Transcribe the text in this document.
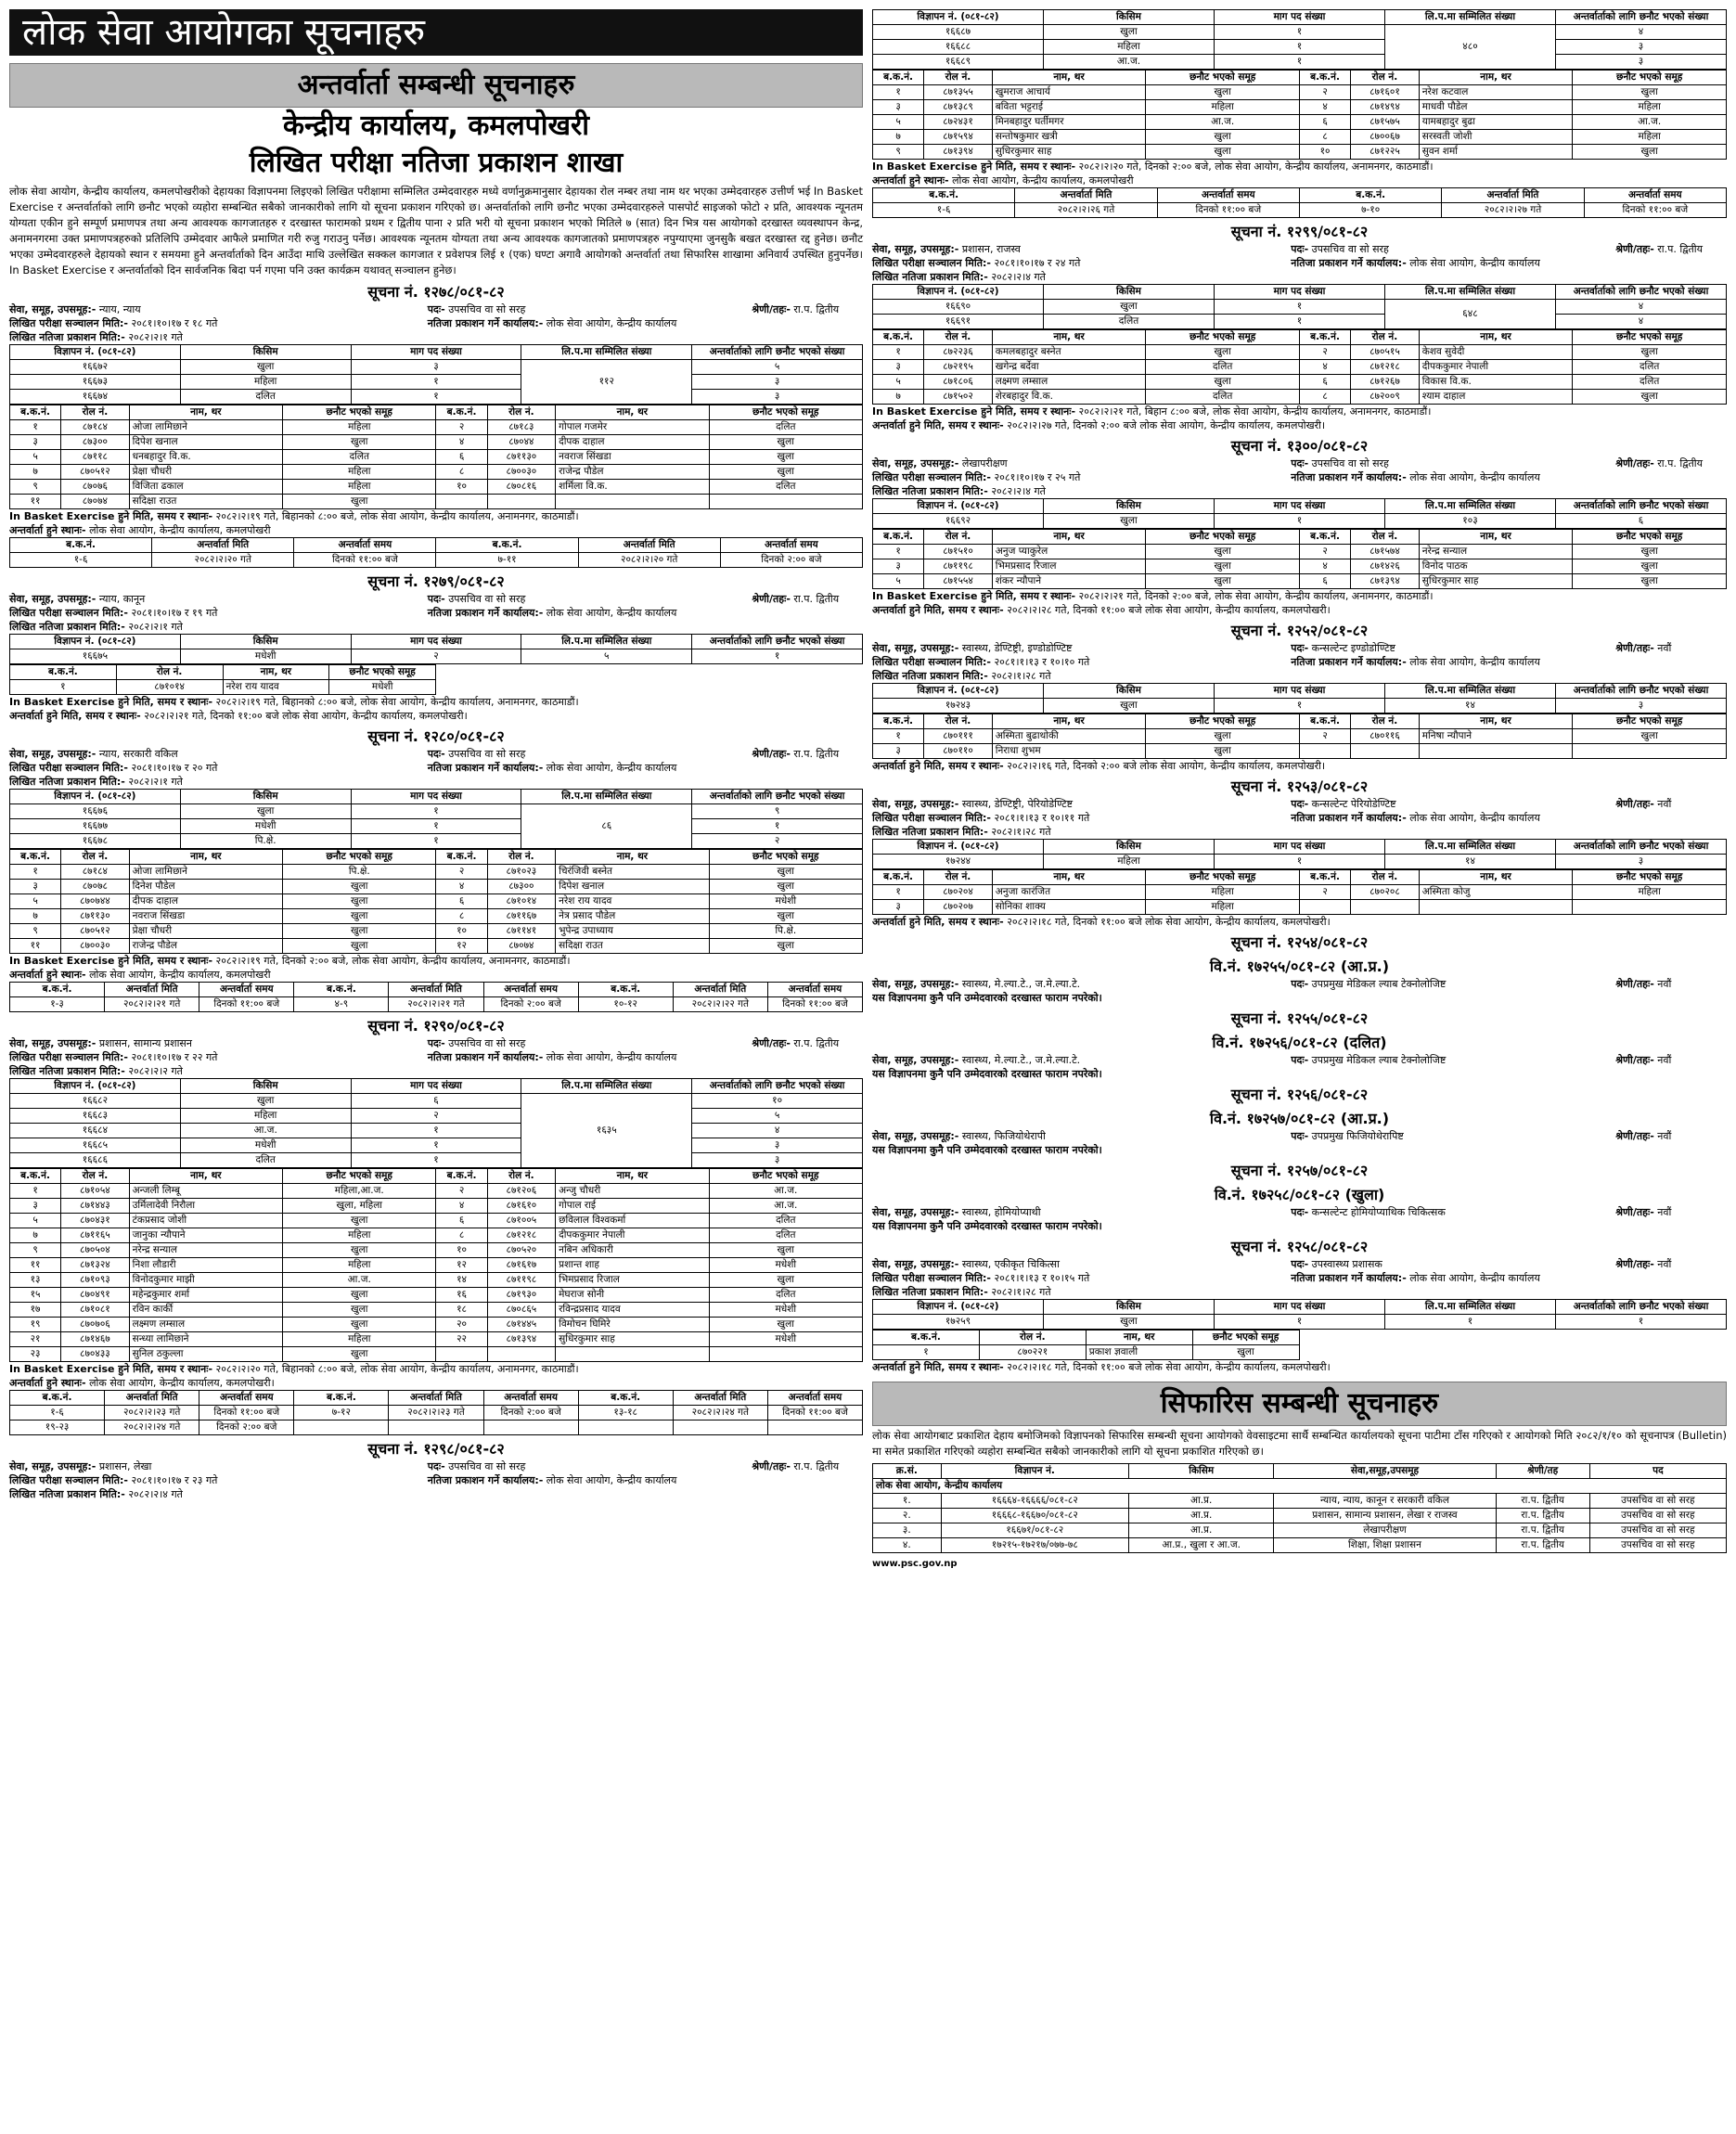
लोक सेवा आयोगका सूचनाहरु
अन्तर्वार्ता सम्बन्धी सूचनाहरु
केन्द्रीय कार्यालय, कमलपोखरी
लिखित परीक्षा नतिजा प्रकाशन शाखा
लोक सेवा आयोग, केन्द्रीय कार्यालय, कमलपोखरीको देहायका विज्ञापनमा लिइएको लिखित परीक्षामा सम्मिलित उम्मेदवारहरु मध्ये वर्णानुक्रमानुसार देहायका रोल नम्बर तथा नाम थर भएका उम्मेदवारहरु उत्तीर्ण भई In Basket Exercise र अन्तर्वार्ताको लागि छनौट भएको व्यहोरा सम्बन्धित सबैको जानकारीको लागि यो सूचना प्रकाशन गरिएको छ। अन्तर्वार्ताको लागि छनौट भएका उम्मेदवारहरुले पासपोर्ट साइजको फोटो २ प्रति, आवश्यक न्यूनतम योग्यता एकीन हुने सम्पूर्ण प्रमाणपत्र तथा अन्य आवश्यक कागजातहरु र दरखास्त फारामको प्रथम र द्वितीय पाना २ प्रति भरी यो सूचना प्रकाशन भएको मितिले ७ (सात) दिन भित्र यस आयोगको दरखास्त व्यवस्थापन केन्द्र, अनामनगरमा उक्त प्रमाणपत्रहरुको प्रतिलिपि उम्मेदवार आफैले प्रमाणित गरी रुजु गराउनु पर्नेछ। आवश्यक न्यूनतम योग्यता तथा अन्य आवश्यक कागजातको प्रमाणपत्रहरु नपुग्याएमा जुनसुकै बखत दरखास्त रद्द हुनेछ। छनौट भएका उम्मेदवारहरुले देहायको स्थान र समयमा हुने अन्तर्वार्ताको दिन आउँदा माथि उल्लेखित सक्कल कागजात र प्रवेशपत्र लिई १ (एक) घण्टा अगावै आयोगको अन्तर्वार्ता तथा सिफारिस शाखामा अनिवार्य उपस्थित हुनुपर्नेछ। In Basket Exercise र अन्तर्वार्ताको दिन सार्वजनिक बिदा पर्न गएमा पनि उक्त कार्यक्रम यथावत् सञ्चालन हुनेछ।
सूचना नं. १२७८/०८१-८२
सेवा, समूह, उपसमूह:- न्याय, न्याय	पदः- उपसचिव वा सो सरह	श्रेणी/तहः- रा.प. द्वितीय
लिखित परीक्षा सञ्चालन मिति:- २०८१।१०।१७ र १८ गते	नतिजा प्रकाशन गर्ने कार्यालय:- लोक सेवा आयोग, केन्द्रीय कार्यालय
लिखित नतिजा प्रकाशन मिति:- २०८२।२।१ गते
विज्ञापन नं. (०८१-८२)	किसिम	माग पद संख्या	लि.प.मा सम्मिलित संख्या	अन्तर्वार्ताको लागि छनौट भएको संख्या
१६६७२	खुला	३	११२	५
१६६७३	महिला	१		३
१६६७४	दलित	१		३
ब.क.नं.	रोल नं.	नाम, थर	छनौट भएको समूह	ब.क.नं.	रोल नं.	नाम, थर	छनौट भएको समूह
१	८७१८४	ओजा लामिछाने	महिला	२	८७१८३	गोपाल गजमेर	दलित
३	८७३००	दिपेश खनाल	खुला	४	८७०४४	दीपक दाहाल	खुला
५	८७११८	धनबहादुर वि.क.	दलित	६	८७११३०	नवराज सिंखडा	खुला
७	८७०५१२	प्रेक्षा चौधरी	महिला	८	८७००३०	राजेन्द्र पौडेल	खुला
९	८७०७६	विजिता ढकाल	महिला	१०	८७०८१६	शर्मिला वि.क.	दलित
११	८७०७४	सदिक्षा राउत	खुला				
In Basket Exercise हुने मिति, समय र स्थानः- २०८२।२।१९ गते, बिहानको ८:०० बजे, लोक सेवा आयोग, केन्द्रीय कार्यालय, अनामनगर, काठमाडौं।
अन्तर्वार्ता हुने स्थानः- लोक सेवा आयोग, केन्द्रीय कार्यालय, कमलपोखरी
ब.क.नं.	अन्तर्वार्ता मिति	अन्तर्वार्ता समय	ब.क.नं.	अन्तर्वार्ता मिति	अन्तर्वार्ता समय
१-६	२०८२।२।२० गते	दिनको ११:०० बजे	७-११	२०८२।२।२० गते	दिनको २:०० बजे
सूचना नं. १२७९/०८१-८२
सेवा, समूह, उपसमूह:- न्याय, कानून	पदः- उपसचिव वा सो सरह	श्रेणी/तहः- रा.प. द्वितीय
लिखित परीक्षा सञ्चालन मिति:- २०८१।१०।१७ र १९ गते	नतिजा प्रकाशन गर्ने कार्यालय:- लोक सेवा आयोग, केन्द्रीय कार्यालय
लिखित नतिजा प्रकाशन मिति:- २०८२।२।१ गते
विज्ञापन नं. (०८१-८२)	किसिम	माग पद संख्या	लि.प.मा सम्मिलित संख्या	अन्तर्वार्ताको लागि छनौट भएको संख्या
१६६७५	मधेशी	२	५	१
ब.क.नं.	रोल नं.	नाम, थर	छनौट भएको समूह
१	८७१०१४	नरेश राय यादव	मधेशी
In Basket Exercise हुने मिति, समय र स्थानः- २०८२।२।१९ गते, बिहानको ८:०० बजे, लोक सेवा आयोग, केन्द्रीय कार्यालय, अनामनगर, काठमाडौं।
अन्तर्वार्ता हुने मिति, समय र स्थानः- २०८२।२।२१ गते, दिनको ११:०० बजे लोक सेवा आयोग, केन्द्रीय कार्यालय, कमलपोखरी।
सूचना नं. १२८०/०८१-८२
सेवा, समूह, उपसमूह:- न्याय, सरकारी वकिल	पदः- उपसचिव वा सो सरह	श्रेणी/तहः- रा.प. द्वितीय
लिखित परीक्षा सञ्चालन मिति:- २०८१।१०।१७ र २० गते	नतिजा प्रकाशन गर्ने कार्यालय:- लोक सेवा आयोग, केन्द्रीय कार्यालय
लिखित नतिजा प्रकाशन मिति:- २०८२।२।१ गते
विज्ञापन नं. (०८१-८२)	किसिम	माग पद संख्या	लि.प.मा सम्मिलित संख्या	अन्तर्वार्ताको लागि छनौट भएको संख्या
१६६७६	खुला	१	८६	९
१६६७७	मधेशी	१		१
१६६७८	पि.क्षे.	१		२
ब.क.नं.	रोल नं.	नाम, थर	छनौट भएको समूह	ब.क.नं.	रोल नं.	नाम, थर	छनौट भएको समूह
१	८७१८४	ओजा लामिछाने	पि.क्षे.	२	८७१०२३	चिरंजिवी बस्नेत	खुला
३	८७०७८	दिनेश पौडेल	खुला	४	८७३००	दिपेश खनाल	खुला
५	८७०७४४	दीपक दाहाल	खुला	६	८७१०१४	नरेश राय यादव	मधेशी
७	८७११३०	नवराज सिंखडा	खुला	८	८७११६७	नेत्र प्रसाद पौडेल	खुला
९	८७०५१२	प्रेक्षा चौधरी	खुला	१०	८७११४१	भुपेन्द्र उपाध्याय	पि.क्षे.
११	८७००३०	राजेन्द्र पौडेल	खुला	१२	८७०७४	सदिक्षा राउत	खुला
In Basket Exercise हुने मिति, समय र स्थानः- २०८२।२।१९ गते, दिनको २:०० बजे, लोक सेवा आयोग, केन्द्रीय कार्यालय, अनामनगर, काठमाडौं।
अन्तर्वार्ता हुने स्थानः- लोक सेवा आयोग, केन्द्रीय कार्यालय, कमलपोखरी
ब.क.नं.	अन्तर्वार्ता मिति	अन्तर्वार्ता समय	ब.क.नं.	अन्तर्वार्ता मिति	अन्तर्वार्ता समय	ब.क.नं.	अन्तर्वार्ता मिति	अन्तर्वार्ता समय
१-३	२०८२।२।२१ गते	दिनको ११:०० बजे	४-९	२०८२।२।२१ गते	दिनको २:०० बजे	१०-१२	२०८२।२।२२ गते	दिनको ११:०० बजे
सूचना नं. १२९०/०८१-८२
सेवा, समूह, उपसमूह:- प्रशासन, सामान्य प्रशासन	पदः- उपसचिव वा सो सरह	श्रेणी/तहः- रा.प. द्वितीय
लिखित परीक्षा सञ्चालन मिति:- २०८१।१०।१७ र २२ गते	नतिजा प्रकाशन गर्ने कार्यालय:- लोक सेवा आयोग, केन्द्रीय कार्यालय
लिखित नतिजा प्रकाशन मिति:- २०८२।२।२ गते
विज्ञापन नं. (०८१-८२)	किसिम	माग पद संख्या	लि.प.मा सम्मिलित संख्या	अन्तर्वार्ताको लागि छनौट भएको संख्या
१६६८२	खुला	६	१६३५	१०
१६६८३	महिला	२		५
१६६८४	आ.ज.	१		४
१६६८५	मधेशी	१		३
१६६८६	दलित	१		३
ब.क.नं.	रोल नं.	नाम, थर	छनौट भएको समूह	ब.क.नं.	रोल नं.	नाम, थर	छनौट भएको समूह
१	८७१०५४	अन्जली लिम्बू	महिला,आ.ज.	२	८७१२०६	अन्जु चौधरी	आ.ज.
३	८७१४४३	उर्मिलादेवी निरौला	खुला, महिला	४	८७१६१०	गोपाल राई	आ.ज.
५	८७०४३१	टंकप्रसाद जोशी	खुला	६	८७१००५	छविलाल विश्वकर्मा	दलित
७	८७११६५	जानुका न्यौपाने	महिला	८	८७१२१८	दीपककुमार नेपाली	दलित
९	८७०५०४	नरेन्द्र सन्याल	खुला	१०	८७०५२०	नबिन अधिकारी	खुला
११	८७१३२४	निशा लौडारी	महिला	१२	८७१६१७	प्रशान्त शाह	मधेशी
१३	८७१०९३	विनोदकुमार माझी	आ.ज.	१४	८७११९८	भिमप्रसाद रिजाल	खुला
१५	८७०४९१	महेन्द्रकुमार शर्मा	खुला	१६	८७१९३०	मेघराज सोनी	दलित
१७	८७१०८१	रविन कार्की	खुला	१८	८७०८६५	रविन्द्रप्रसाद यादव	मधेशी
१९	८७०७०६	लक्ष्मण लम्साल	खुला	२०	८७१४४५	विमोचन घिमिरे	खुला
२१	८७१४६७	सन्ध्या लामिछाने	महिला	२२	८७१३९४	सुधिरकुमार साह	मधेशी
२३	८७०४३३	सुनिल ठकुल्ला	खुला				
In Basket Exercise हुने मिति, समय र स्थानः- २०८२।२।२० गते, बिहानको ८:०० बजे, लोक सेवा आयोग, केन्द्रीय कार्यालय, अनामनगर, काठमाडौं।
अन्तर्वार्ता हुने स्थानः- लोक सेवा आयोग, केन्द्रीय कार्यालय, कमलपोखरी।
ब.क.नं.	अन्तर्वार्ता मिति	अन्तर्वार्ता समय	ब.क.नं.	अन्तर्वार्ता मिति	अन्तर्वार्ता समय	ब.क.नं.	अन्तर्वार्ता मिति	अन्तर्वार्ता समय
१-६	२०८२।२।२३ गते	दिनको ११:०० बजे	७-१२	२०८२।२।२३ गते	दिनको २:०० बजे	१३-१८	२०८२।२।२४ गते	दिनको ११:०० बजे
१९-२३	२०८२।२।२४ गते	दिनको २:०० बजे						
सूचना नं. १२९८/०८१-८२
सेवा, समूह, उपसमूह:- प्रशासन, लेखा	पदः- उपसचिव वा सो सरह	श्रेणी/तहः- रा.प. द्वितीय
लिखित परीक्षा सञ्चालन मिति:- २०८१।१०।१७ र २३ गते	नतिजा प्रकाशन गर्ने कार्यालय:- लोक सेवा आयोग, केन्द्रीय कार्यालय
लिखित नतिजा प्रकाशन मिति:- २०८२।२।४ गते
विज्ञापन नं. (०८१-८२)	किसिम	माग पद संख्या	लि.प.मा सम्मिलित संख्या	अन्तर्वार्ताको लागि छनौट भएको संख्या
१६६८७	खुला	१	४८०	४
१६६८८	महिला	१		३
१६६८९	आ.ज.	१		३
ब.क.नं.	रोल नं.	नाम, थर	छनौट भएको समूह	ब.क.नं.	रोल नं.	नाम, थर	छनौट भएको समूह
१	८७१३५५	खुमराज आचार्य	खुला	२	८७१६०१	नरेश कटवाल	खुला
३	८७१३८९	बविता भट्टराई	महिला	४	८७१४९४	माधवी पौडेल	महिला
५	८७२४३१	मिनबहादुर घर्तीमगर	आ.ज.	६	८७१५७५	यामबहादुर बुढा	आ.ज.
७	८७१५९४	सन्तोषकुमार खत्री	खुला	८	८७००६७	सरस्वती जोशी	महिला
९	८७१३९४	सुधिरकुमार साह	खुला	१०	८७१२२५	सुवन शर्मा	खुला
In Basket Exercise हुने मिति, समय र स्थानः- २०८२।२।२० गते, दिनको २:०० बजे, लोक सेवा आयोग, केन्द्रीय कार्यालय, अनामनगर, काठमाडौं।
अन्तर्वार्ता हुने स्थानः- लोक सेवा आयोग, केन्द्रीय कार्यालय, कमलपोखरी
ब.क.नं.	अन्तर्वार्ता मिति	अन्तर्वार्ता समय	ब.क.नं.	अन्तर्वार्ता मिति	अन्तर्वार्ता समय
१-६	२०८२।२।२६ गते	दिनको ११:०० बजे	७-१०	२०८२।२।२७ गते	दिनको ११:०० बजे
सूचना नं. १२९९/०८१-८२
सेवा, समूह, उपसमूह:- प्रशासन, राजस्व	पदः- उपसचिव वा सो सरह	श्रेणी/तहः- रा.प. द्वितीय
लिखित परीक्षा सञ्चालन मिति:- २०८१।१०।१७ र २४ गते	नतिजा प्रकाशन गर्ने कार्यालय:- लोक सेवा आयोग, केन्द्रीय कार्यालय
लिखित नतिजा प्रकाशन मिति:- २०८२।२।४ गते
विज्ञापन नं. (०८१-८२)	किसिम	माग पद संख्या	लि.प.मा सम्मिलित संख्या	अन्तर्वार्ताको लागि छनौट भएको संख्या
१६६९०	खुला	१	६४८	४
१६६९१	दलित	१		४
ब.क.नं.	रोल नं.	नाम, थर	छनौट भएको समूह	ब.क.नं.	रोल नं.	नाम, थर	छनौट भएको समूह
१	८७२२३६	कमलबहादुर बस्नेत	खुला	२	८७०५१५	केशव सुवेदी	खुला
३	८७२१९५	खगेन्द्र बर्देवा	दलित	४	८७१२१८	दीपककुमार नेपाली	दलित
५	८७१८०६	लक्ष्मण लम्साल	खुला	६	८७१२६७	विकास वि.क.	दलित
७	८७१५०२	शेरबहादुर वि.क.	दलित	८	८७२००९	श्याम दाहाल	खुला
In Basket Exercise हुने मिति, समय र स्थानः- २०८२।२।२१ गते, बिहान ८:०० बजे, लोक सेवा आयोग, केन्द्रीय कार्यालय, अनामनगर, काठमाडौं।
अन्तर्वार्ता हुने मिति, समय र स्थानः- २०८२।२।२७ गते, दिनको २:०० बजे लोक सेवा आयोग, केन्द्रीय कार्यालय, कमलपोखरी।
सूचना नं. १३००/०८१-८२
सेवा, समूह, उपसमूह:- लेखापरीक्षण	पदः- उपसचिव वा सो सरह	श्रेणी/तहः- रा.प. द्वितीय
लिखित परीक्षा सञ्चालन मिति:- २०८१।१०।१७ र २५ गते	नतिजा प्रकाशन गर्ने कार्यालय:- लोक सेवा आयोग, केन्द्रीय कार्यालय
लिखित नतिजा प्रकाशन मिति:- २०८२।२।४ गते
विज्ञापन नं. (०८१-८२)	किसिम	माग पद संख्या	लि.प.मा सम्मिलित संख्या	अन्तर्वार्ताको लागि छनौट भएको संख्या
१६६९२	खुला	१	१०३	६
ब.क.नं.	रोल नं.	नाम, थर	छनौट भएको समूह	ब.क.नं.	रोल नं.	नाम, थर	छनौट भएको समूह
१	८७१५१०	अनुज प्याकुरेल	खुला	२	८७१५७४	नरेन्द्र सन्याल	खुला
३	८७११९८	भिमप्रसाद रिजाल	खुला	४	८७१४२६	विनोद पाठक	खुला
५	८७१५५४	शंकर न्यौपाने	खुला	६	८७१३९४	सुधिरकुमार साह	खुला
In Basket Exercise हुने मिति, समय र स्थानः- २०८२।२।२१ गते, दिनको २:०० बजे, लोक सेवा आयोग, केन्द्रीय कार्यालय, अनामनगर, काठमाडौं।
अन्तर्वार्ता हुने मिति, समय र स्थानः- २०८२।२।२८ गते, दिनको ११:०० बजे लोक सेवा आयोग, केन्द्रीय कार्यालय, कमलपोखरी।
सूचना नं. १२५२/०८१-८२
सेवा, समूह, उपसमूह:- स्वास्थ्य, डेण्टिष्ट्री, इण्डोडोण्टिष्ट	पदः- कन्सल्टेन्ट इण्डोडोण्टिष्ट	श्रेणी/तहः- नवौं
लिखित परीक्षा सञ्चालन मिति:- २०८१।१।१३ र १०।१० गते	नतिजा प्रकाशन गर्ने कार्यालय:- लोक सेवा आयोग, केन्द्रीय कार्यालय
लिखित नतिजा प्रकाशन मिति:- २०८२।१।२८ गते
विज्ञापन नं. (०८१-८२)	किसिम	माग पद संख्या	लि.प.मा सम्मिलित संख्या	अन्तर्वार्ताको लागि छनौट भएको संख्या
१७२४३	खुला	१	१४	३
ब.क.नं.	रोल नं.	नाम, थर	छनौट भएको समूह	ब.क.नं.	रोल नं.	नाम, थर	छनौट भएको समूह
१	८७०१११	अस्मिता बुढाथोकी	खुला	२	८७०११६	मनिषा न्यौपाने	खुला
३	८७०११०	निराधा शुभम	खुला				
अन्तर्वार्ता हुने मिति, समय र स्थानः- २०८२।२।१६ गते, दिनको २:०० बजे लोक सेवा आयोग, केन्द्रीय कार्यालय, कमलपोखरी।
सूचना नं. १२५३/०८१-८२
सेवा, समूह, उपसमूह:- स्वास्थ्य, डेण्टिष्ट्री, पेरियोडेण्टिष्ट	पदः- कन्सल्टेन्ट पेरियोडेण्टिष्ट	श्रेणी/तहः- नवौं
लिखित परीक्षा सञ्चालन मिति:- २०८१।१।१३ र १०।११ गते	नतिजा प्रकाशन गर्ने कार्यालय:- लोक सेवा आयोग, केन्द्रीय कार्यालय
लिखित नतिजा प्रकाशन मिति:- २०८२।१।२८ गते
विज्ञापन नं. (०८१-८२)	किसिम	माग पद संख्या	लि.प.मा सम्मिलित संख्या	अन्तर्वार्ताको लागि छनौट भएको संख्या
१७२४४	महिला	१	१४	३
ब.क.नं.	रोल नं.	नाम, थर	छनौट भएको समूह	ब.क.नं.	रोल नं.	नाम, थर	छनौट भएको समूह
१	८७०२०४	अनुजा कारंजित	महिला	२	८७०२०८	अस्मिता कोजु	महिला
३	८७०२०७	सोनिका शाक्य	महिला				
अन्तर्वार्ता हुने मिति, समय र स्थानः- २०८२।२।१८ गते, दिनको ११:०० बजे लोक सेवा आयोग, केन्द्रीय कार्यालय, कमलपोखरी।
सूचना नं. १२५४/०८१-८२
वि.नं. १७२५५/०८१-८२ (आ.प्र.)
सेवा, समूह, उपसमूह:- स्वास्थ्य, मे.ल्या.टे., ज.मे.ल्या.टे.	पदः- उपप्रमुख मेडिकल ल्याब टेक्नोलोजिष्ट	श्रेणी/तहः- नवौं
यस विज्ञापनमा कुनै पनि उम्मेदवारको दरखास्त फाराम नपरेको।
सूचना नं. १२५५/०८१-८२
वि.नं. १७२५६/०८१-८२ (दलित)
सेवा, समूह, उपसमूह:- स्वास्थ्य, मे.ल्या.टे., ज.मे.ल्या.टे.	पदः- उपप्रमुख मेडिकल ल्याब टेक्नोलोजिष्ट	श्रेणी/तहः- नवौं
यस विज्ञापनमा कुनै पनि उम्मेदवारको दरखास्त फाराम नपरेको।
सूचना नं. १२५६/०८१-८२
वि.नं. १७२५७/०८१-८२ (आ.प्र.)
सेवा, समूह, उपसमूह:- स्वास्थ्य, फिजियोथेरापी	पदः- उपप्रमुख फिजियोथेरापिष्ट	श्रेणी/तहः- नवौं
यस विज्ञापनमा कुनै पनि उम्मेदवारको दरखास्त फाराम नपरेको।
सूचना नं. १२५७/०८१-८२
वि.नं. १७२५८/०८१-८२ (खुला)
सेवा, समूह, उपसमूह:- स्वास्थ्य, होमियोप्याथी	पदः- कन्सल्टेन्ट होमियोप्याथिक चिकित्सक	श्रेणी/तहः- नवौं
यस विज्ञापनमा कुनै पनि उम्मेदवारको दरखास्त फाराम नपरेको।
सूचना नं. १२५८/०८१-८२
सेवा, समूह, उपसमूह:- स्वास्थ्य, एकीकृत चिकित्सा	पदः- उपस्वास्थ्य प्रशासक	श्रेणी/तहः- नवौं
लिखित परीक्षा सञ्चालन मिति:- २०८१।१।१३ र १०।१५ गते	नतिजा प्रकाशन गर्ने कार्यालय:- लोक सेवा आयोग, केन्द्रीय कार्यालय
लिखित नतिजा प्रकाशन मिति:- २०८२।१।२८ गते
विज्ञापन नं. (०८१-८२)	किसिम	माग पद संख्या	लि.प.मा सम्मिलित संख्या	अन्तर्वार्ताको लागि छनौट भएको संख्या
१७२५९	खुला	१	१	१
ब.क.नं.	रोल नं.	नाम, थर	छनौट भएको समूह
१	८७०२२१	प्रकाश ज्ञवाली	खुला
अन्तर्वार्ता हुने मिति, समय र स्थानः- २०८२।२।१८ गते, दिनको ११:०० बजे लोक सेवा आयोग, केन्द्रीय कार्यालय, कमलपोखरी।
सिफारिस सम्बन्धी सूचनाहरु
लोक सेवा आयोगबाट प्रकाशित देहाय बमोजिमको विज्ञापनको सिफारिस सम्बन्धी सूचना आयोगको वेवसाइटमा सार्थै सम्बन्धित कार्यालयको सूचना पाटीमा टाँस गरिएको र आयोगको मिति २०८२/१/१० को सूचनापत्र (Bulletin) मा समेत प्रकाशित गरिएको व्यहोरा सम्बन्धित सबैको जानकारीको लागि यो सूचना प्रकाशित गरिएको छ।
क्र.सं.	विज्ञापन नं.	किसिम	सेवा,समूह,उपसमूह	श्रेणी/तह	पद
लोक सेवा आयोग, केन्द्रीय कार्यालय					
१.	१६६६४-१६६६६/०८१-८२	आ.प्र.	न्याय, न्याय, कानून र सरकारी वकिल	रा.प. द्वितीय	उपसचिव वा सो सरह
२.	१६६६८-१६६७०/०८१-८२	आ.प्र.	प्रशासन, सामान्य प्रशासन, लेखा र राजस्व	रा.प. द्वितीय	उपसचिव वा सो सरह
३.	१६६७१/०८१-८२	आ.प्र.	लेखापरीक्षण	रा.प. द्वितीय	उपसचिव वा सो सरह
४.	१७२१५-१७२१७/०७७-७८	आ.प्र., खुला र आ.ज.	शिक्षा, शिक्षा प्रशासन	रा.प. द्वितीय	उपसचिव वा सो सरह
www.psc.gov.np
